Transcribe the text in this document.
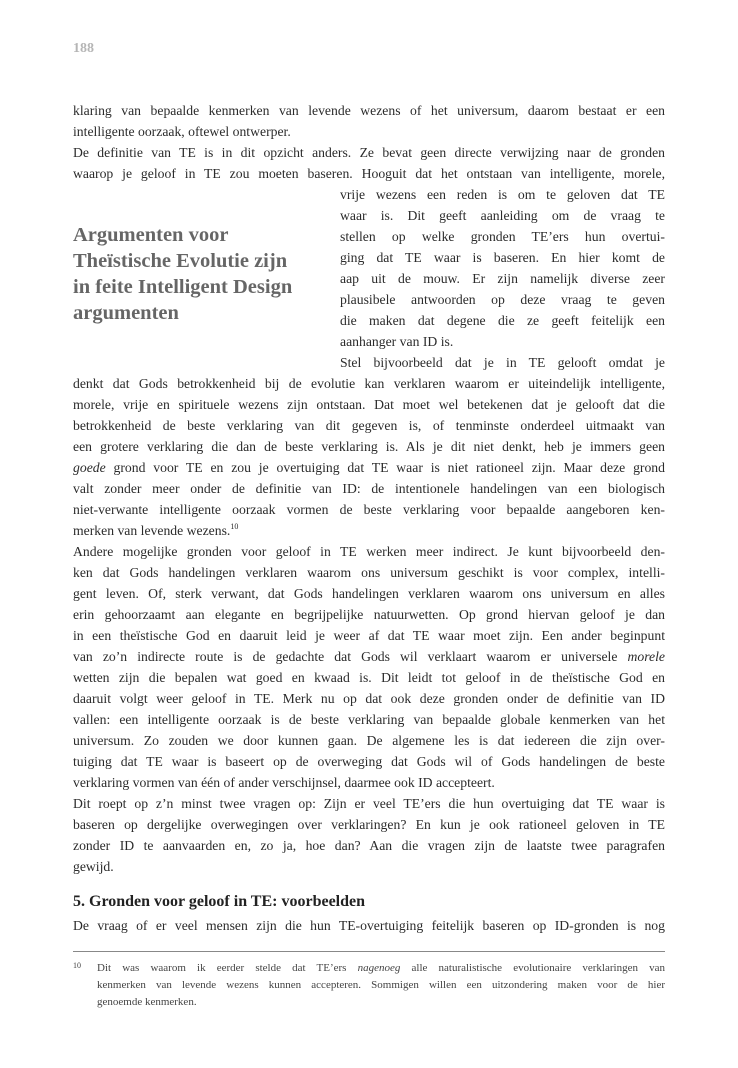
188
klaring van bepaalde kenmerken van levende wezens of het universum, daarom bestaat er een
intelligente oorzaak, oftewel ontwerper.
De definitie van TE is in dit opzicht anders. Ze bevat geen directe verwijzing naar de gronden
waarop je geloof in TE zou moeten baseren. Hooguit dat het ontstaan van intelligente, morele,
vrije wezens een reden is om te geloven dat TE
waar is. Dit geeft aanleiding om de vraag te
stellen op welke gronden TE’ers hun overtui-
ging dat TE waar is baseren. En hier komt de
aap uit de mouw. Er zijn namelijk diverse zeer
plausibele antwoorden op deze vraag te geven
die maken dat degene die ze geeft feitelijk een
aanhanger van ID is.
Stel bijvoorbeeld dat je in TE gelooft omdat je
Argumenten voor
Theïstische Evolutie zijn
in feite Intelligent Design
argumenten
denkt dat Gods betrokkenheid bij de evolutie kan verklaren waarom er uiteindelijk intelligente,
morele, vrije en spirituele wezens zijn ontstaan. Dat moet wel betekenen dat je gelooft dat die
betrokkenheid de beste verklaring van dit gegeven is, of tenminste onderdeel uitmaakt van
een grotere verklaring die dan de beste verklaring is. Als je dit niet denkt, heb je immers geen
goede grond voor TE en zou je overtuiging dat TE waar is niet rationeel zijn. Maar deze grond
valt zonder meer onder de definitie van ID: de intentionele handelingen van een biologisch
niet-verwante intelligente oorzaak vormen de beste verklaring voor bepaalde aangeboren ken-
merken van levende wezens.$^{10}$
Andere mogelijke gronden voor geloof in TE werken meer indirect. Je kunt bijvoorbeeld den-
ken dat Gods handelingen verklaren waarom ons universum geschikt is voor complex, intelli-
gent leven. Of, sterk verwant, dat Gods handelingen verklaren waarom ons universum en alles
erin gehoorzaamt aan elegante en begrijpelijke natuurwetten. Op grond hiervan geloof je dan
in een theïstische God en daaruit leid je weer af dat TE waar moet zijn. Een ander beginpunt
van zo’n indirecte route is de gedachte dat Gods wil verklaart waarom er universele morele
wetten zijn die bepalen wat goed en kwaad is. Dit leidt tot geloof in de theïstische God en
daaruit volgt weer geloof in TE. Merk nu op dat ook deze gronden onder de definitie van ID
vallen: een intelligente oorzaak is de beste verklaring van bepaalde globale kenmerken van het
universum. Zo zouden we door kunnen gaan. De algemene les is dat iedereen die zijn over-
tuiging dat TE waar is baseert op de overweging dat Gods wil of Gods handelingen de beste
verklaring vormen van één of ander verschijnsel, daarmee ook ID accepteert.
Dit roept op z’n minst twee vragen op: Zijn er veel TE’ers die hun overtuiging dat TE waar is
baseren op dergelijke overwegingen over verklaringen? En kun je ook rationeel geloven in TE
zonder ID te aanvaarden en, zo ja, hoe dan? Aan die vragen zijn de laatste twee paragrafen
gewijd.
5. Gronden voor geloof in TE: voorbeelden
De vraag of er veel mensen zijn die hun TE-overtuiging feitelijk baseren op ID-gronden is nog
10 Dit was waarom ik eerder stelde dat TE’ers nagenoeg alle naturalistische evolutionaire verklaringen van
kenmerken van levende wezens kunnen accepteren. Sommigen willen een uitzondering maken voor de hier
genoemde kenmerken.
